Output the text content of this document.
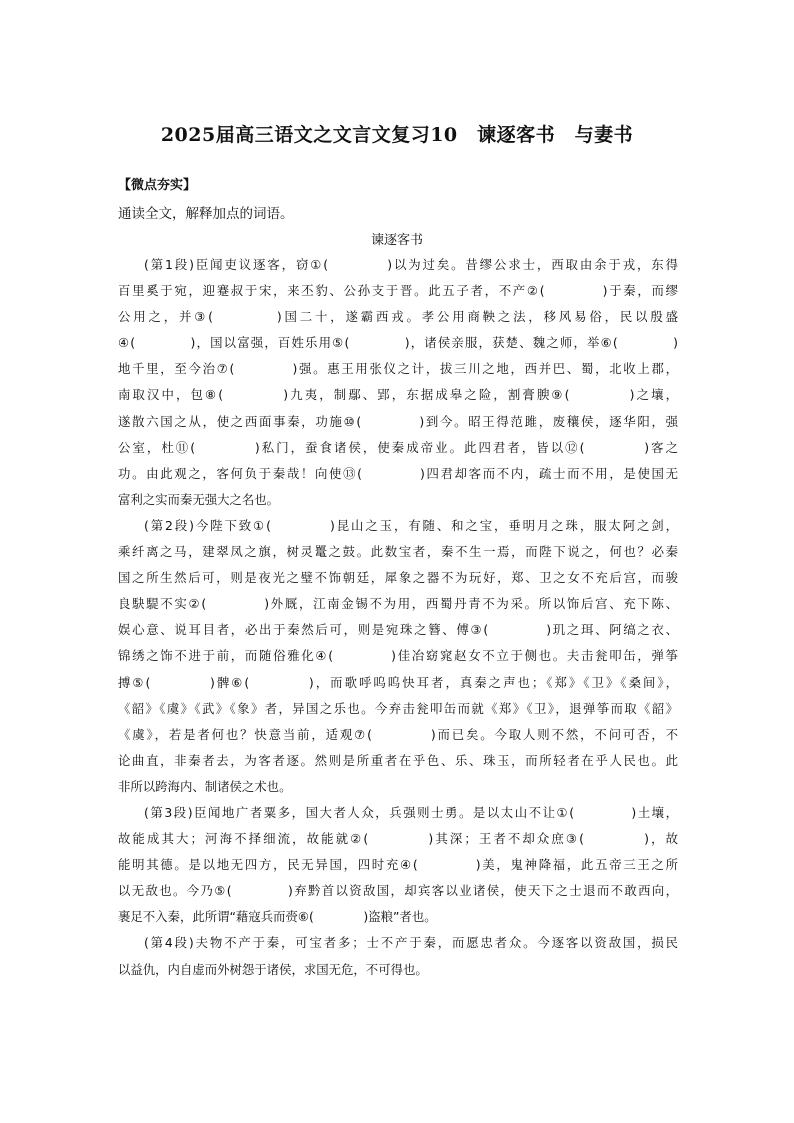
2025届高三语文之文言文复习10　谏逐客书　与妻书
【微点夯实】
通读全文，解释加点的词语。
谏逐客书
(第1段)臣闻吏议逐客，窃①(　　　　)以为过矣。昔缪公求士，西取由余于戎，东得
百里奚于宛，迎蹇叔于宋，来丕豹、公孙支于晋。此五子者，不产②(　　　　)于秦，而缪
公用之，并③(　　　　)国二十，遂霸西戎。孝公用商鞅之法，移风易俗，民以殷盛
④(　　　　)，国以富强，百姓乐用⑤(　　　　)，诸侯亲服，获楚、魏之师，举⑥(　　　　)
地千里，至今治⑦(　　　　)强。惠王用张仪之计，拔三川之地，西并巴、蜀，北收上郡，
南取汉中，包⑧(　　　　)九夷，制鄢、郢，东据成皋之险，割膏腴⑨(　　　　)之壤，
遂散六国之从，使之西面事秦，功施⑩(　　　　)到今。昭王得范雎，废穰侯，逐华阳，强
公室，杜⑪(　　　　)私门，蚕食诸侯，使秦成帝业。此四君者，皆以⑫(　　　　)客之
功。由此观之，客何负于秦哉！向使⑬(　　　　)四君却客而不内，疏士而不用，是使国无
富利之实而秦无强大之名也。
(第2段)今陛下致①(　　　　)昆山之玉，有随、和之宝，垂明月之珠，服太阿之剑，
乘纤离之马，建翠凤之旗，树灵鼍之鼓。此数宝者，秦不生一焉，而陛下说之，何也？必秦
国之所生然后可，则是夜光之璧不饰朝廷，犀象之器不为玩好，郑、卫之女不充后宫，而骏
良駃騠不实②(　　　　)外厩，江南金锡不为用，西蜀丹青不为采。所以饰后宫、充下陈、
娱心意、说耳目者，必出于秦然后可，则是宛珠之簪、傅③(　　　　)玑之珥、阿缟之衣、
锦绣之饰不进于前，而随俗雅化④(　　　　)佳冶窈窕赵女不立于侧也。夫击瓮叩缶，弹筝
搏⑤(　　　　)髀⑥(　　　　)，而歌呼呜呜快耳者，真秦之声也；《郑》《卫》《桑间》，
《韶》《虞》《武》《象》者，异国之乐也。今弃击瓮叩缶而就《郑》《卫》，退弹筝而取《韶》
《虞》，若是者何也？快意当前，适观⑦(　　　　)而已矣。今取人则不然，不问可否，不
论曲直，非秦者去，为客者逐。然则是所重者在乎色、乐、珠玉，而所轻者在乎人民也。此
非所以跨海内、制诸侯之术也。
(第3段)臣闻地广者粟多，国大者人众，兵强则士勇。是以太山不让①(　　　　)土壤，
故能成其大；河海不择细流，故能就②(　　　　)其深；王者不却众庶③(　　　　)，故
能明其德。是以地无四方，民无异国，四时充④(　　　　)美，鬼神降福，此五帝三王之所
以无敌也。今乃⑤(　　　　)弃黔首以资敌国，却宾客以业诸侯，使天下之士退而不敢西向，
裹足不入秦，此所谓“藉寇兵而赍⑥(　　　　)盗粮”者也。
(第4段)夫物不产于秦，可宝者多；士不产于秦，而愿忠者众。今逐客以资敌国，损民
以益仇，内自虚而外树怨于诸侯，求国无危，不可得也。
